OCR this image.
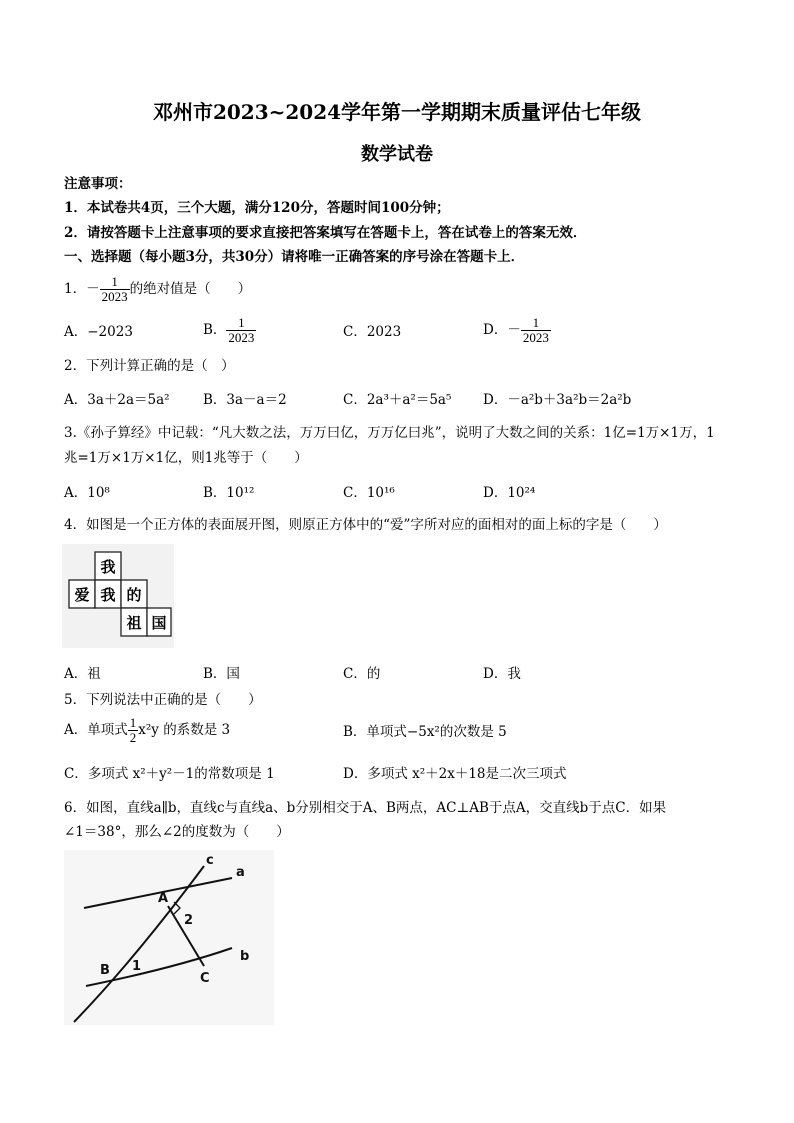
邓州市2023~2024学年第一学期期末质量评估七年级
数学试卷
注意事项：
1．本试卷共4页，三个大题，满分120分，答题时间100分钟；
2．请按答题卡上注意事项的要求直接把答案填写在答题卡上，答在试卷上的答案无效．
一、选择题（每小题3分，共30分）请将唯一正确答案的序号涂在答题卡上．
1．－ $\frac{1}{2023}$ 的绝对值是（　　）
A．−2023	B． $\frac{1}{2023}$	C．2023	D．－ $\frac{1}{2023}$
2．下列计算正确的是（　）
A．3a＋2a＝5a² B．3a－a＝2	C．2a³＋a²＝5a⁵ D．－a²b＋3a²b＝2a²b
3.《孙子算经》中记载：“凡大数之法，万万曰亿，万万亿曰兆”，说明了大数之间的关系：1亿=1万×1万，1
兆=1万×1万×1亿，则1兆等于（　　）
A．10⁸	B．10¹²	C．10¹⁶	D．10²⁴
4．如图是一个正方体的表面展开图，则原正方体中的“爱”字所对应的面相对的面上标的字是（　　）
我
爱 我 的
祖 国
A．祖	B．国	C．的	D．我
5．下列说法中正确的是（　　）
A．单项式 $\frac{1}{2} x^2y$ 的系数是 3	B．单项式−5x²的次数是 5
C．多项式 x²＋y²－1的常数项是 1	D．多项式 x²＋2x＋18是二次三项式
6．如图，直线a∥b，直线c与直线a、b分别相交于A、B两点，AC⊥AB于点A，交直线b于点C．如果
∠1＝38°，那么∠2的度数为（　　）
c
a
b
A
B
C
1
2
